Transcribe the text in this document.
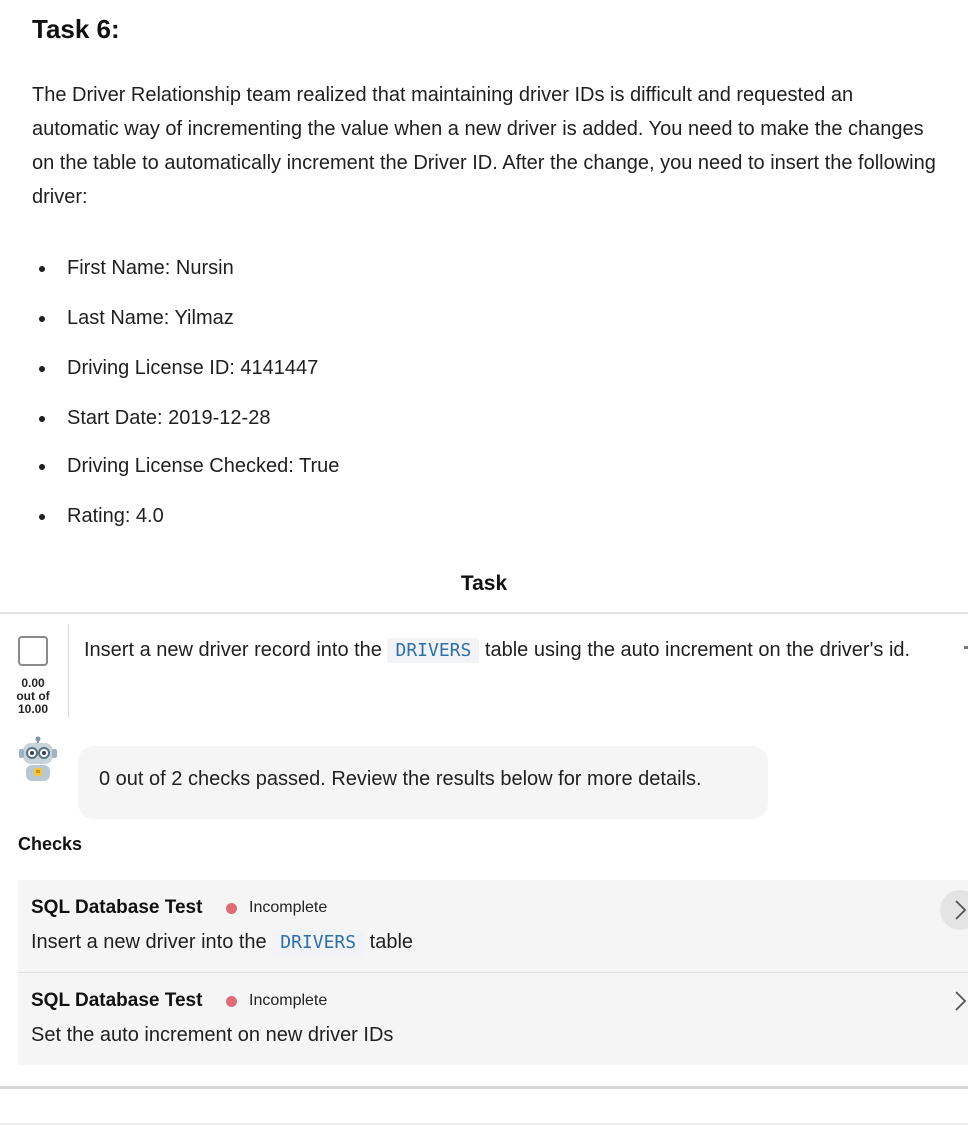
Task 6:

The Driver Relationship team realized that maintaining driver IDs is difficult and requested an automatic way of incrementing the value when a new driver is added. You need to make the changes on the table to automatically increment the Driver ID. After the change, you need to insert the following driver:

First Name: Nursin
Last Name: Yilmaz
Driving License ID: 4141447
Start Date: 2019-12-28
Driving License Checked: True
Rating: 4.0
Task
0.00
out of
10.00

Insert a new driver record into the DRIVERS table using the auto increment on the driver's id.

0 out of 2 checks passed. Review the results below for more details.
Checks
SQL Database Test	Incomplete
Insert a new driver into the DRIVERS table
SQL Database Test	Incomplete
Set the auto increment on new driver IDs
